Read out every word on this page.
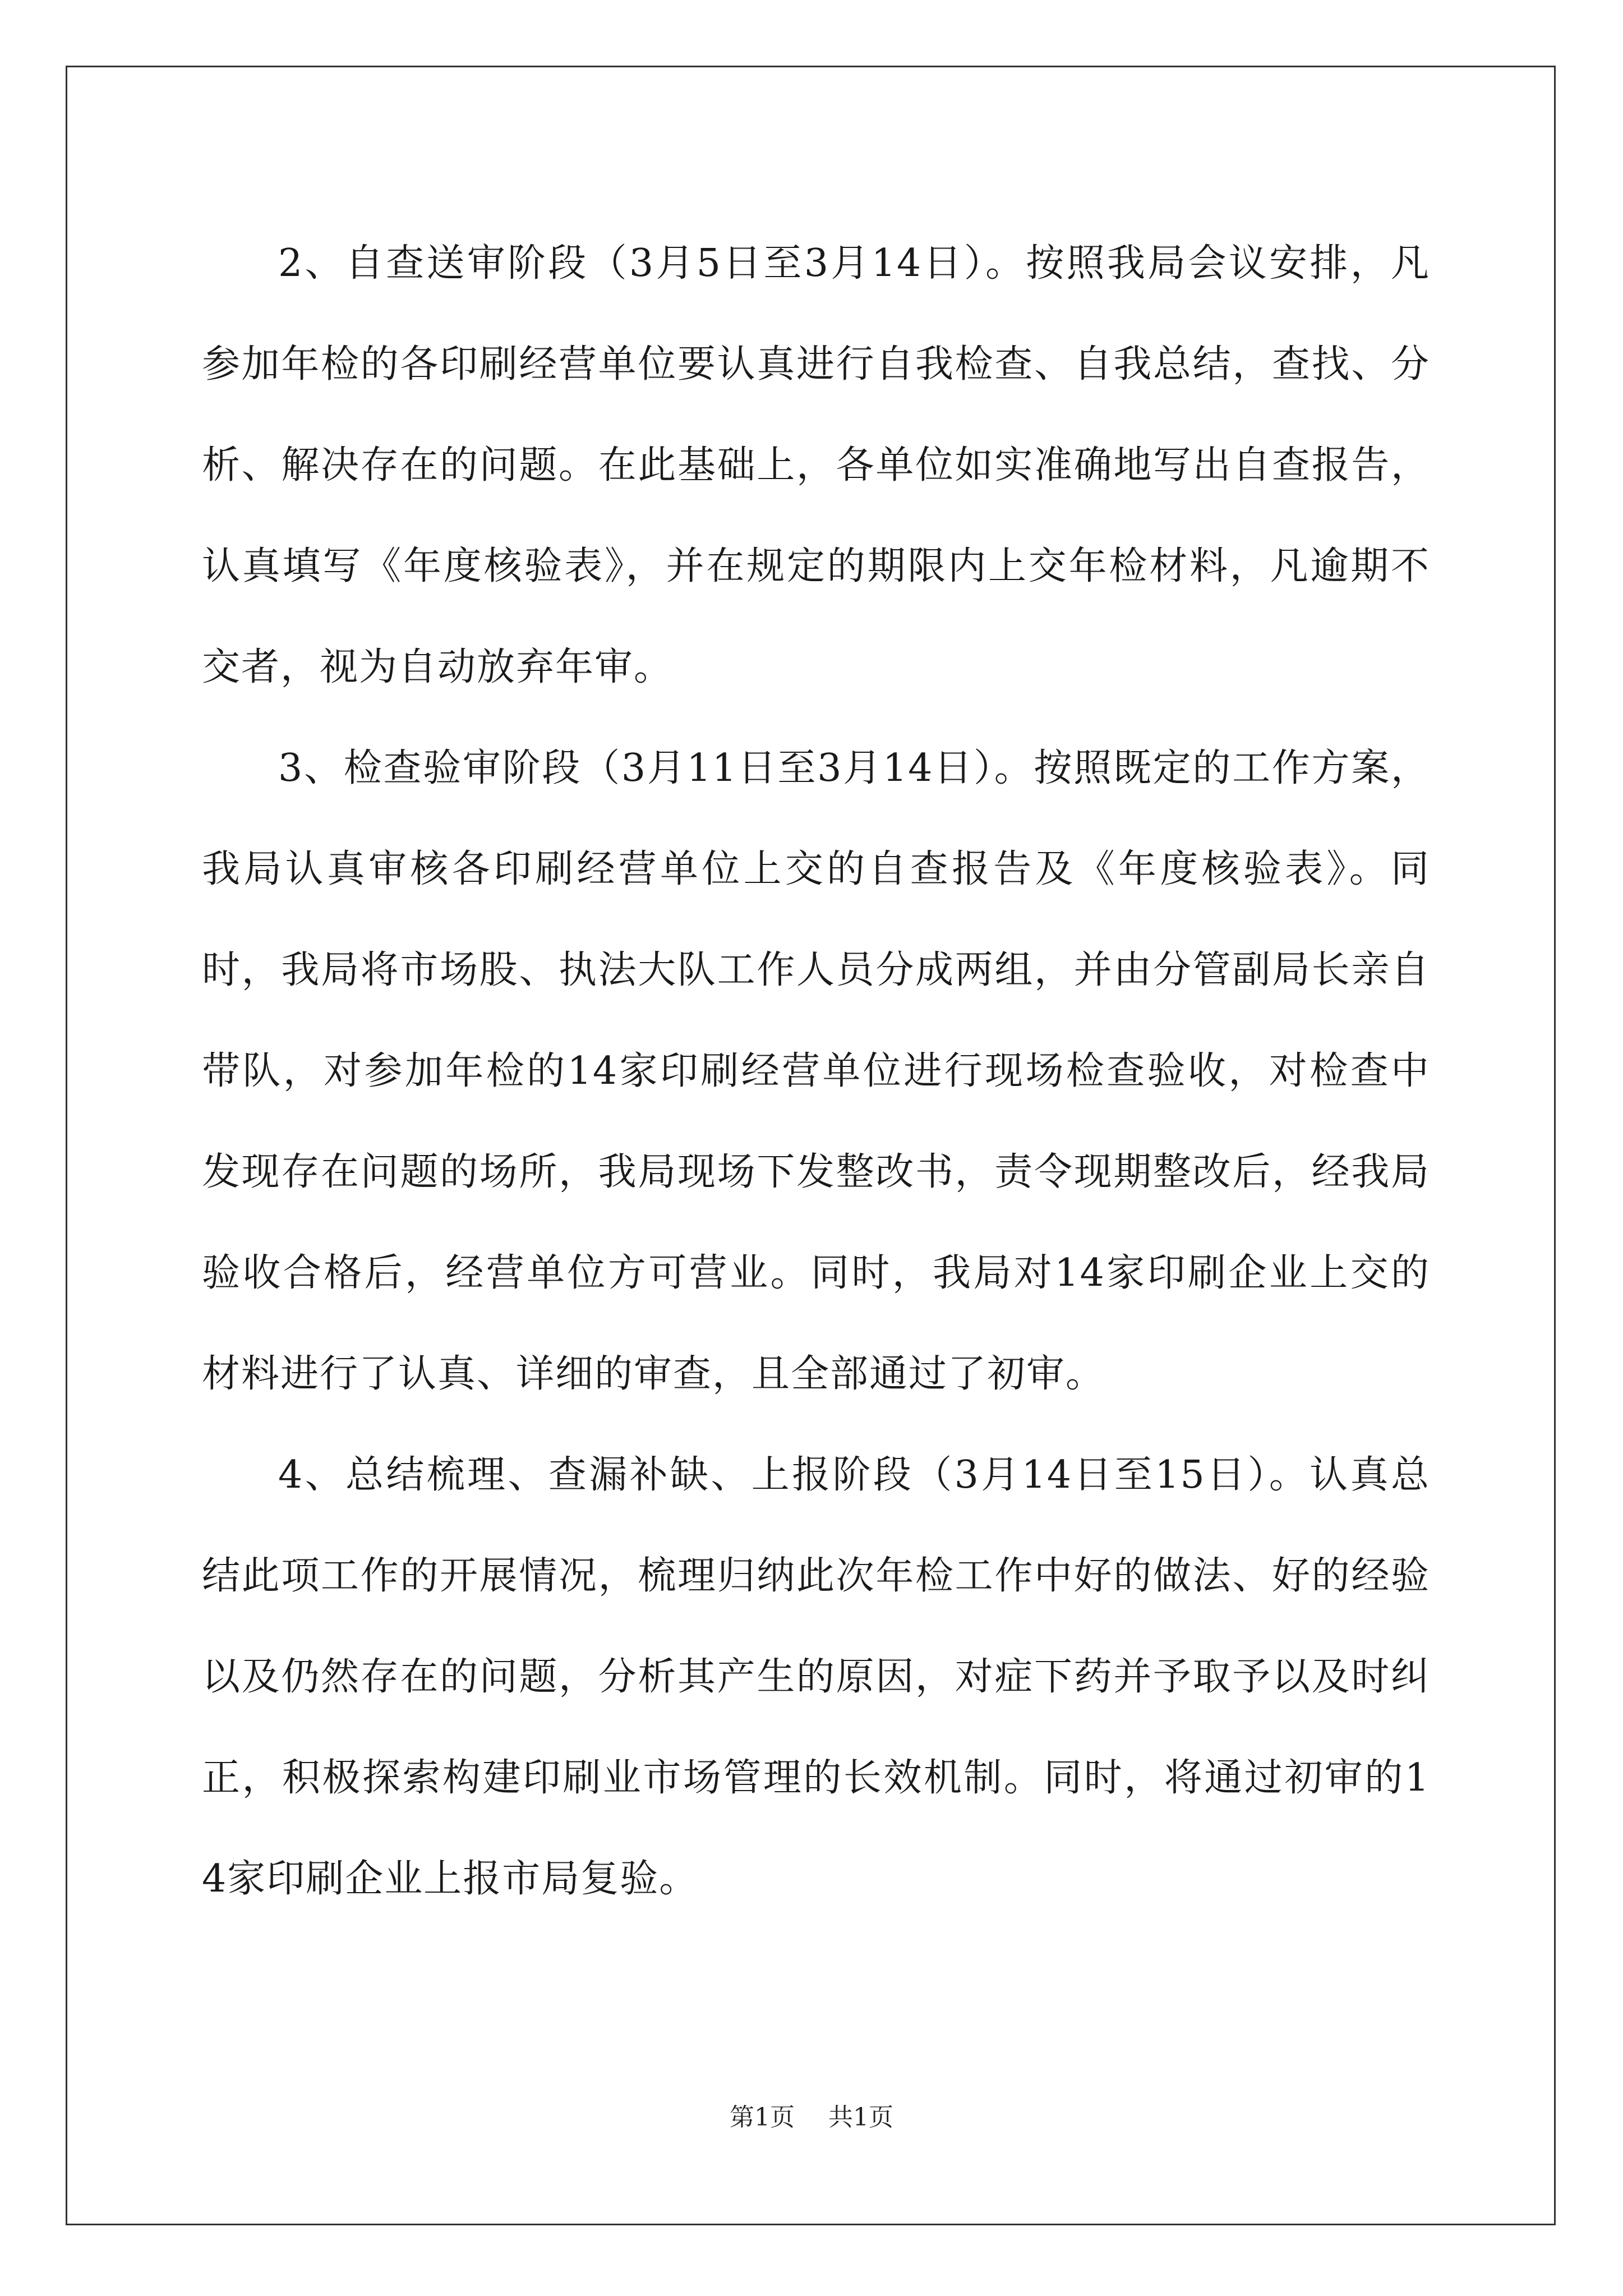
2、自查送审阶段（3月5日至3月14日）。按照我局会议安排，凡参加年检的各印刷经营单位要认真进行自我检查、自我总结，查找、分析、解决存在的问题。在此基础上，各单位如实准确地写出自查报告，认真填写《年度核验表》，并在规定的期限内上交年检材料，凡逾期不交者，视为自动放弃年审。

3、检查验审阶段（3月11日至3月14日）。按照既定的工作方案，我局认真审核各印刷经营单位上交的自查报告及《年度核验表》。同时，我局将市场股、执法大队工作人员分成两组，并由分管副局长亲自带队，对参加年检的14家印刷经营单位进行现场检查验收，对检查中发现存在问题的场所，我局现场下发整改书，责令现期整改后，经我局验收合格后，经营单位方可营业。同时，我局对14家印刷企业上交的材料进行了认真、详细的审查，且全部通过了初审。

4、总结梳理、查漏补缺、上报阶段（3月14日至15日）。认真总结此项工作的开展情况，梳理归纳此次年检工作中好的做法、好的经验以及仍然存在的问题，分析其产生的原因，对症下药并予取予以及时纠正，积极探索构建印刷业市场管理的长效机制。同时，将通过初审的14家印刷企业上报市局复验。

第1页 共1页
